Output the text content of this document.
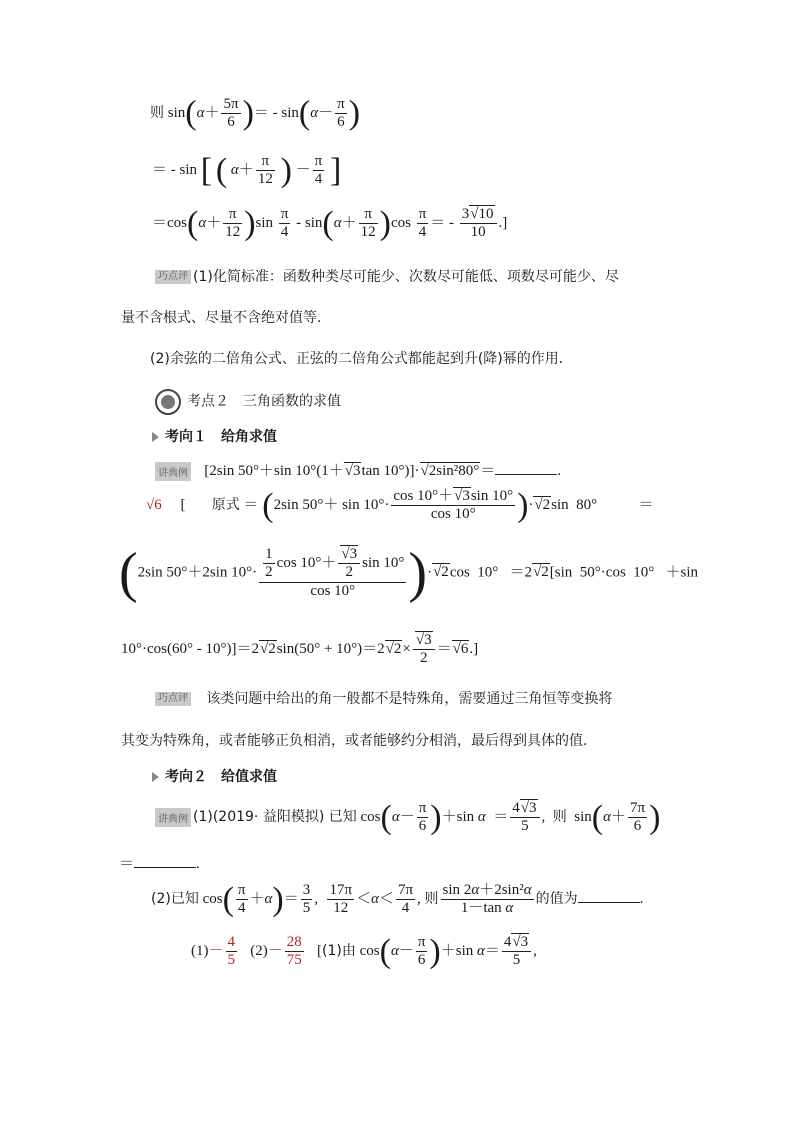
则 $\sin(\alpha+ \frac{5\pi}{6}$ )＝ - $\sin(\alpha- \frac{\pi}{6}$ )
＝ - sin [ ( $\alpha+ \frac{\pi}{12}$ ) － $\frac{\pi}{4}$ ]
$=\cos(\alpha+ \frac{\pi}{12} )\sin \frac{\pi}{4} - \sin(\alpha+ \frac{\pi}{12} )\cos \frac{\pi}{4}$ ＝ - $\frac{3√10}{10}$ .]
巧点评 (1)化简标准：函数种类尽可能少、次数尽可能低、项数尽可能少、尽
量不含根式、尽量不含绝对值等．
(2)余弦的二倍角公式、正弦的二倍角公式都能起到升(降)幂的作用．
考点２　三角函数的求值
考向１　给角求值
讲典例   [2sin 50°＋sin 10°(1＋√3tan 10°)]·√2sin²80°＝	.
√6 [ 原式 ＝ (2sin $50^\circ+ \sin 10^\circ\cdot \frac{\cos 10^\circ+√3\sin 10^\circ}{\cos 10^\circ} )\cdot√2\sin$  80°           ＝
(2sin 50°＋2sin $10^\circ\cdot \frac{\frac{1}{2} \cos 10^\circ+ \frac{√3}{2} \sin 10^\circ}{\cos 10^\circ} )\cdot√2\cos$  10°   ＝2√2[sin  50°·cos  10°   ＋sin
$10^\circ\cdot\cos(60^\circ - 10^\circ)]=2√2\sin(50^\circ + 10^\circ)=2√2\times \frac{√3}{2} =√6$.]
巧点评 该类问题中给出的角一般都不是特殊角，需要通过三角恒等变换将
其变为特殊角，或者能够正负相消，或者能够约分相消，最后得到具体的值．
考向２　给值求值
讲典例 (1)(2019· 益阳模拟) 已知 $\cos(\alpha- \frac{\pi}{6} )+\sin$ $\alpha = \frac{4√3}{5}$ ,  则  $\sin(\alpha+ \frac{7\pi}{6}$ )
＝	.
(2)已知 $\cos( \frac{\pi}{4} +\alpha)= \frac{3}{5}$ , $\frac{17\pi}{12} <\alpha< \frac{7\pi}{4}$ , 则 $\frac{\text{sin 2α＋2sin²α}}{\text{1－tan α}}$ 的值为	.
$(1)- \frac{4}{5} (2)- \frac{28}{75} [(1)$由 $\cos(\alpha- \frac{\pi}{6} )+\sin$ $\alpha= \frac{4√3}{5}$ ,
